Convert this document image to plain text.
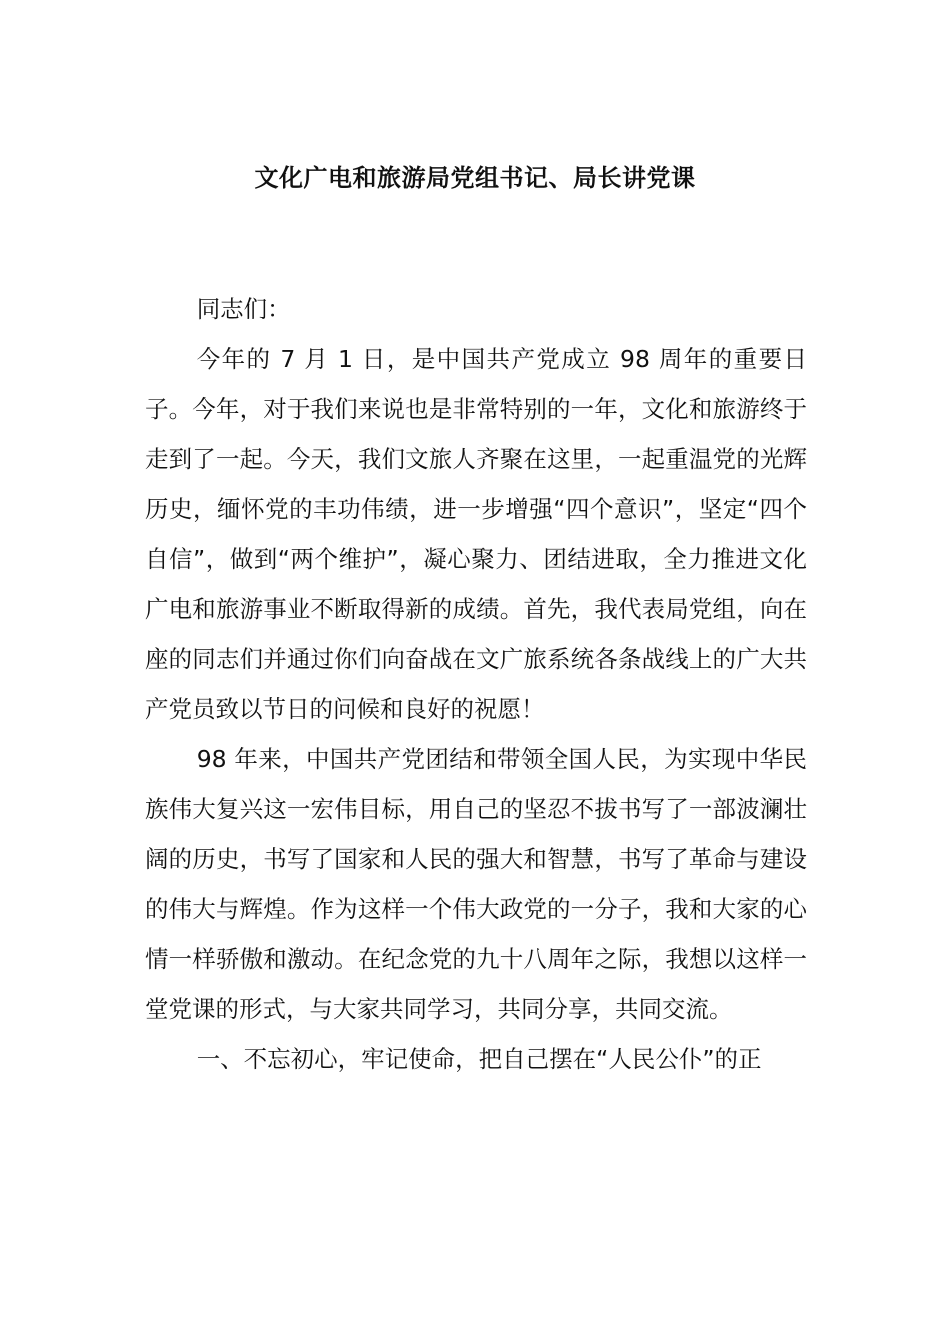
文化广电和旅游局党组书记、局长讲党课

同志们：

今年的 7 月 1 日，是中国共产党成立 98 周年的重要日子。今年，对于我们来说也是非常特别的一年，文化和旅游终于走到了一起。今天，我们文旅人齐聚在这里，一起重温党的光辉历史，缅怀党的丰功伟绩，进一步增强“四个意识”，坚定“四个自信”，做到“两个维护”，凝心聚力、团结进取，全力推进文化广电和旅游事业不断取得新的成绩。首先，我代表局党组，向在座的同志们并通过你们向奋战在文广旅系统各条战线上的广大共产党员致以节日的问候和良好的祝愿！

98 年来，中国共产党团结和带领全国人民，为实现中华民族伟大复兴这一宏伟目标，用自己的坚忍不拔书写了一部波澜壮阔的历史，书写了国家和人民的强大和智慧，书写了革命与建设的伟大与辉煌。作为这样一个伟大政党的一分子，我和大家的心情一样骄傲和激动。在纪念党的九十八周年之际，我想以这样一堂党课的形式，与大家共同学习，共同分享，共同交流。

一、不忘初心，牢记使命，把自己摆在“人民公仆”的正
